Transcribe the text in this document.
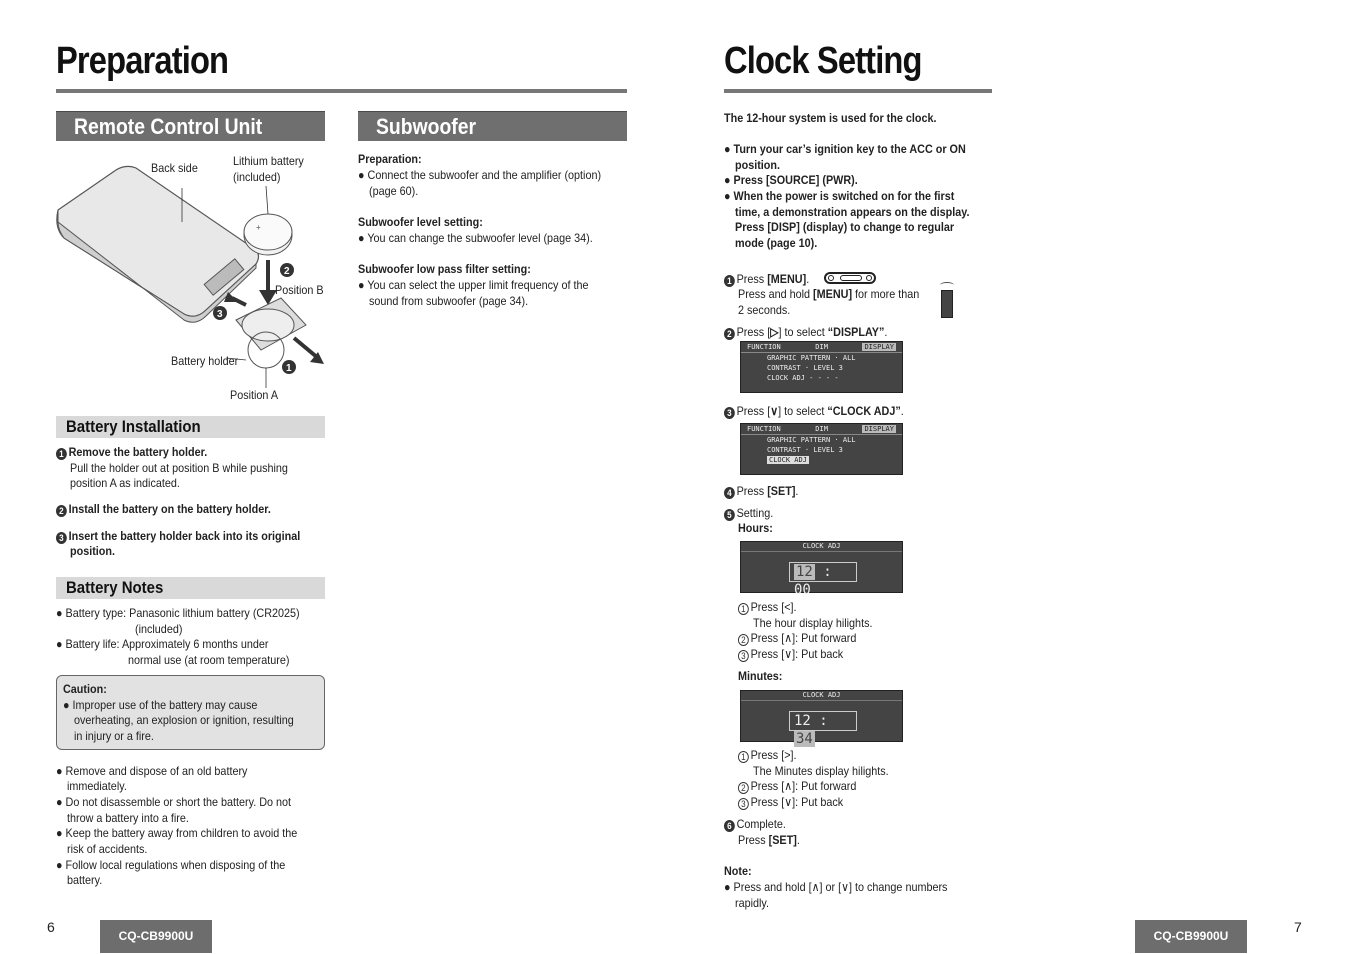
Preparation
Remote Control Unit
+
2
3
1
Back side	Lithium battery
(included)
Position B
Battery holder
Position A
Battery Installation
1 Remove the battery holder.
Pull the holder out at position B while pushing
position A as indicated.
2 Install the battery on the battery holder.
3 Insert the battery holder back into its original
position.
Battery Notes
● Battery type: Panasonic lithium battery (CR2025)
(included)
● Battery life: Approximately 6 months under
normal use (at room temperature)
Caution:
● Improper use of the battery may cause
overheating, an explosion or ignition, resulting
in injury or a fire.
● Remove and dispose of an old battery
immediately.
● Do not disassemble or short the battery. Do not
throw a battery into a fire.
● Keep the battery away from children to avoid the
risk of accidents.
● Follow local regulations when disposing of the
battery.
6
CQ-CB9900U
Subwoofer
Preparation:
● Connect the subwoofer and the amplifier (option)
(page 60).
Subwoofer level setting:
● You can change the subwoofer level (page 34).
Subwoofer low pass filter setting:
● You can select the upper limit frequency of the
sound from subwoofer (page 34).
Clock Setting
The 12-hour system is used for the clock.
● Turn your car’s ignition key to the ACC or ON
position.
● Press [SOURCE] (PWR).
● When the power is switched on for the first
time, a demonstration appears on the display.
Press [DISP] (display) to change to regular
mode (page 10).
1 Press [MENU].
Press and hold [MENU] for more than
2 seconds.
2 Press [▷] to select “DISPLAY”.
FUNCTION	DIM	DISPLAY
GRAPHIC PATTERN · ALL
CONTRAST · LEVEL 3
CLOCK ADJ - - - -
3 Press [∨] to select “CLOCK ADJ”.
FUNCTION	DIM	DISPLAY
GRAPHIC PATTERN · ALL
CONTRAST · LEVEL 3
CLOCK ADJ
4 Press [SET].
5 Setting.
Hours:
CLOCK ADJ
12 : 00
1 Press [<].
The hour display hilights.
2 Press [∧]: Put forward
3 Press [∨]: Put back
Minutes:
CLOCK ADJ
12 : 34
1 Press [>].
The Minutes display hilights.
2 Press [∧]: Put forward
3 Press [∨]: Put back
6 Complete.
Press [SET].
Note:
● Press and hold [∧] or [∨] to change numbers
rapidly.
CQ-CB9900U
7
